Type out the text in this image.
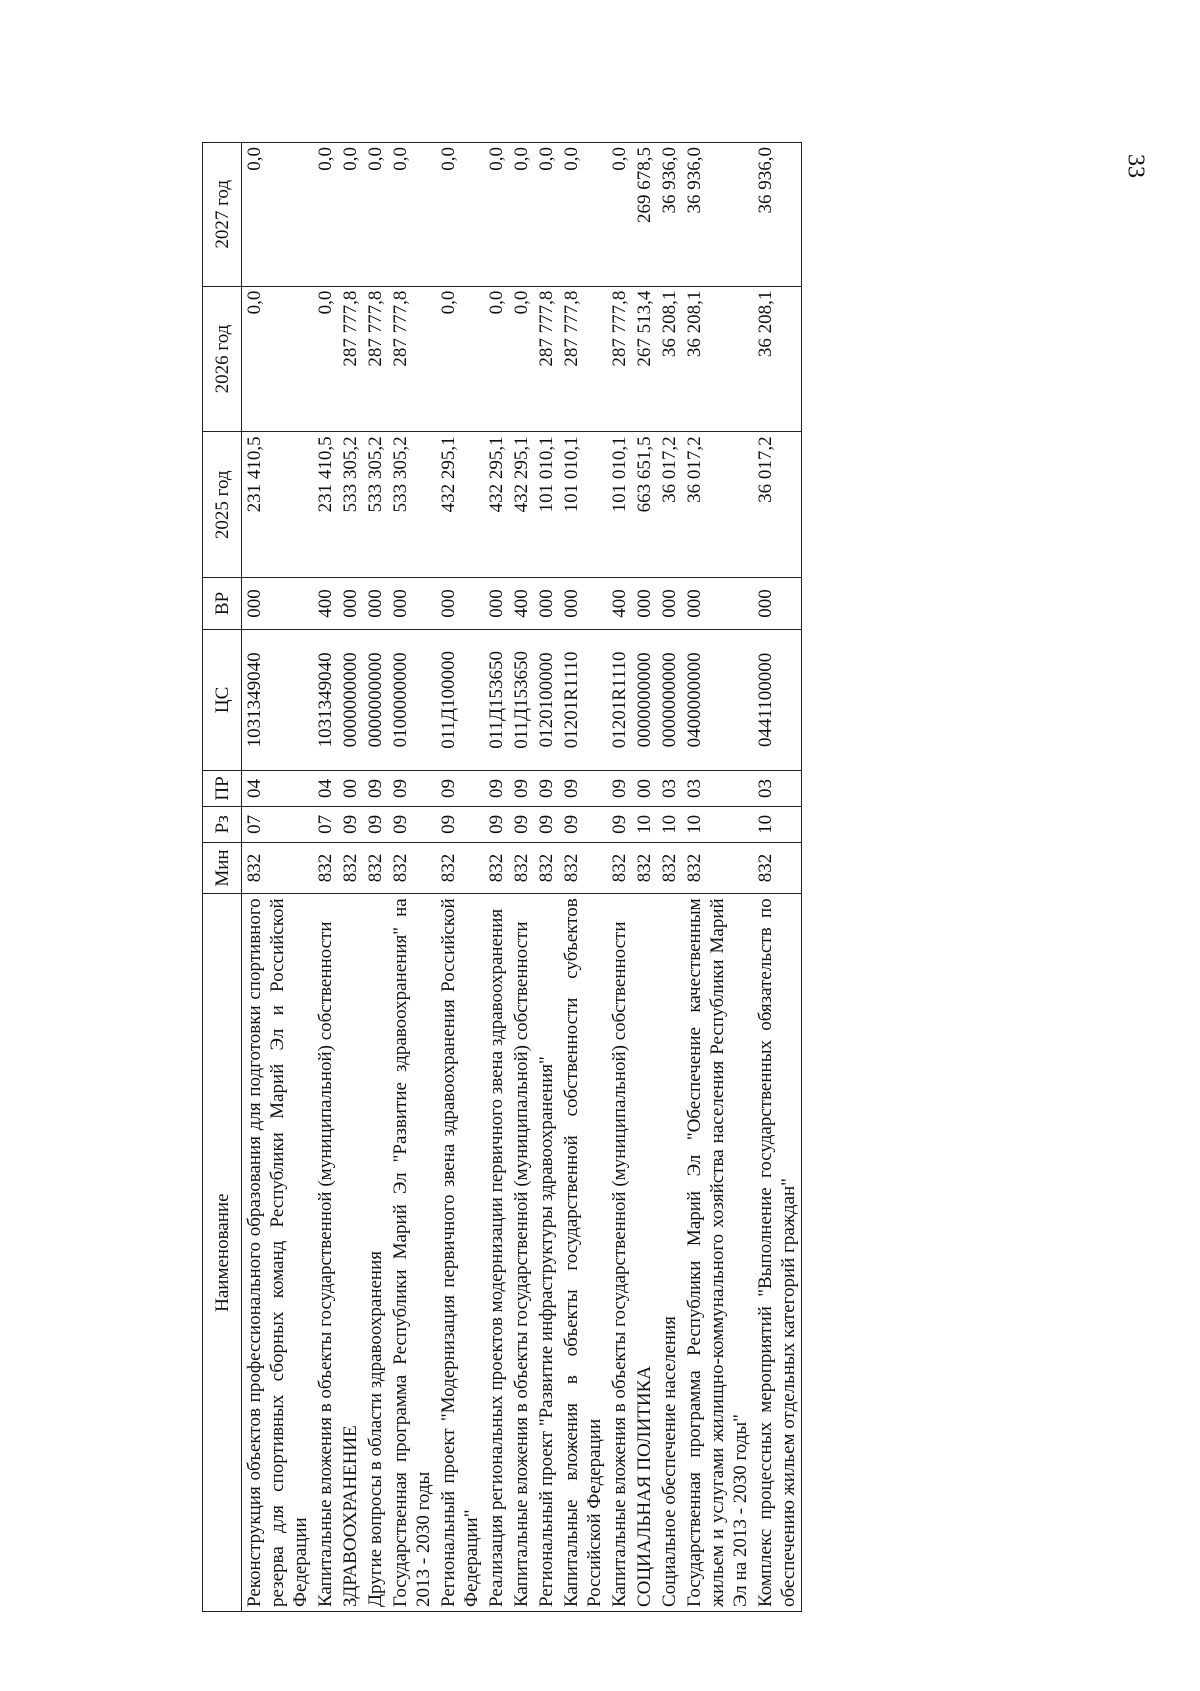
33
Наименование	Мин	Рз	ПР	ЦС	ВР	2025 год	2026 год	2027 год
Реконструкция объектов профессионального образования для подготовки спортивного резерва для спортивных сборных команд Республики Марий Эл и Российской Федерации	832	07	04	1031349040	000	231 410,5	0,0	0,0
Капитальные вложения в объекты государственной (муниципальной) собственности	832	07	04	1031349040	400	231 410,5	0,0	0,0
ЗДРАВООХРАНЕНИЕ	832	09	00	0000000000	000	533 305,2	287 777,8	0,0
Другие вопросы в области здравоохранения	832	09	09	0000000000	000	533 305,2	287 777,8	0,0
Государственная программа Республики Марий Эл "Развитие здравоохранения" на 2013 - 2030 годы	832	09	09	0100000000	000	533 305,2	287 777,8	0,0
Региональный проект "Модернизация первичного звена здравоохранения Российской Федерации"	832	09	09	011Д100000	000	432 295,1	0,0	0,0
Реализация региональных проектов модернизации первичного звена здравоохранения	832	09	09	011Д153650	000	432 295,1	0,0	0,0
Капитальные вложения в объекты государственной (муниципальной) собственности	832	09	09	011Д153650	400	432 295,1	0,0	0,0
Региональный проект "Развитие инфраструктуры здравоохранения"	832	09	09	0120100000	000	101 010,1	287 777,8	0,0
Капитальные вложения в объекты государственной собственности субъектов Российской Федерации	832	09	09	01201R1110	000	101 010,1	287 777,8	0,0
Капитальные вложения в объекты государственной (муниципальной) собственности	832	09	09	01201R1110	400	101 010,1	287 777,8	0,0
СОЦИАЛЬНАЯ ПОЛИТИКА	832	10	00	0000000000	000	663 651,5	267 513,4	269 678,5
Социальное обеспечение населения	832	10	03	0000000000	000	36 017,2	36 208,1	36 936,0
Государственная программа Республики Марий Эл "Обеспечение качественным жильем и услугами жилищно-коммунального хозяйства населения Республики Марий Эл на 2013 - 2030 годы"	832	10	03	0400000000	000	36 017,2	36 208,1	36 936,0
Комплекс процессных мероприятий "Выполнение государственных обязательств по обеспечению жильем отдельных категорий граждан"	832	10	03	0441100000	000	36 017,2	36 208,1	36 936,0
